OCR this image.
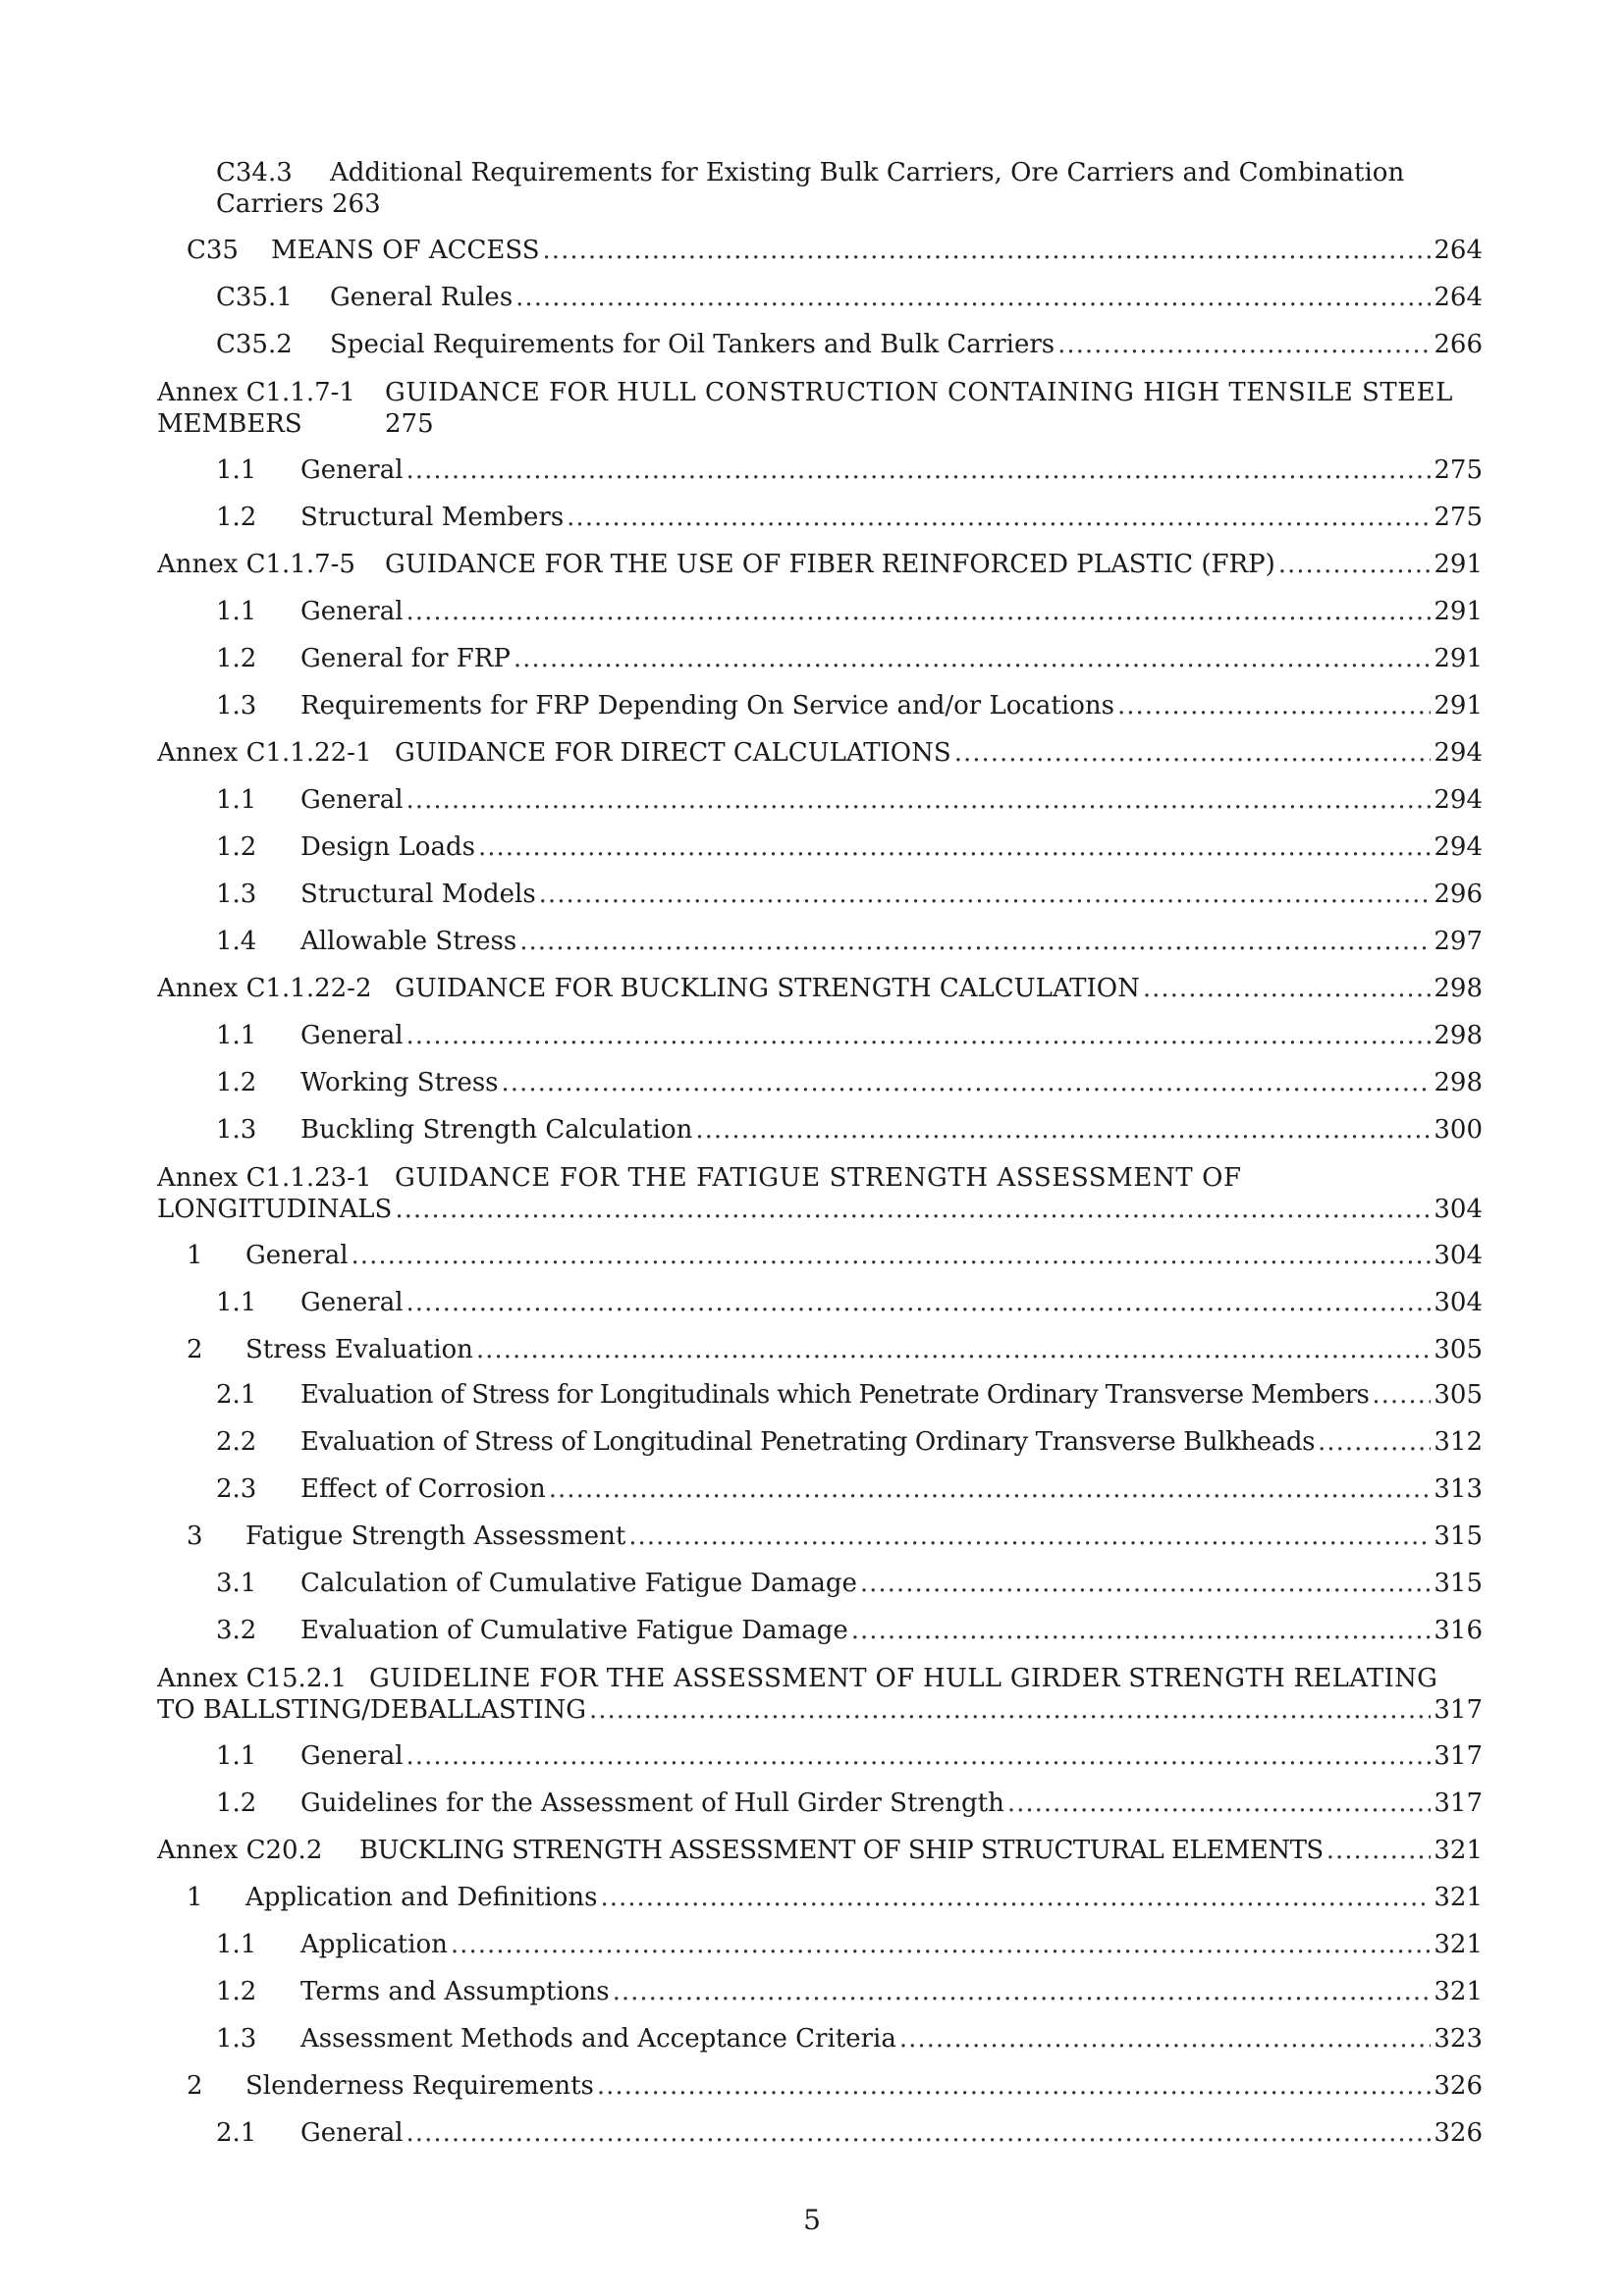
C34.3	Additional Requirements for Existing Bulk Carriers, Ore Carriers and Combination
Carriers 263
C35	MEANS OF ACCESS .....	264
C35.1	General Rules .....	264
C35.2	Special Requirements for Oil Tankers and Bulk Carriers .....	266
Annex C1.1.7-1	GUIDANCE FOR HULL CONSTRUCTION CONTAINING HIGH TENSILE STEEL
MEMBERS	275
1.1	General .....	275
1.2	Structural Members .....	275
Annex C1.1.7-5	GUIDANCE FOR THE USE OF FIBER REINFORCED PLASTIC (FRP) .....	291
1.1	General .....	291
1.2	General for FRP .....	291
1.3	Requirements for FRP Depending On Service and/or Locations .....	291
Annex C1.1.22-1 GUIDANCE FOR DIRECT CALCULATIONS .....	294
1.1	General .....	294
1.2	Design Loads .....	294
1.3	Structural Models .....	296
1.4	Allowable Stress .....	297
Annex C1.1.22-2 GUIDANCE FOR BUCKLING STRENGTH CALCULATION .....	298
1.1	General .....	298
1.2	Working Stress .....	298
1.3	Buckling Strength Calculation .....	300
Annex C1.1.23-1 GUIDANCE FOR THE FATIGUE STRENGTH ASSESSMENT OF
LONGITUDINALS .....	304
1	General .....	304
1.1	General .....	304
2	Stress Evaluation .....	305
2.1	Evaluation of Stress for Longitudinals which Penetrate Ordinary Transverse Members .....	305
2.2	Evaluation of Stress of Longitudinal Penetrating Ordinary Transverse Bulkheads .....	312
2.3	Effect of Corrosion .....	313
3	Fatigue Strength Assessment .....	315
3.1	Calculation of Cumulative Fatigue Damage .....	315
3.2	Evaluation of Cumulative Fatigue Damage .....	316
Annex C15.2.1 GUIDELINE FOR THE ASSESSMENT OF HULL GIRDER STRENGTH RELATING
TO BALLSTING/DEBALLASTING .....	317
1.1	General .....	317
1.2	Guidelines for the Assessment of Hull Girder Strength .....	317
Annex C20.2	BUCKLING STRENGTH ASSESSMENT OF SHIP STRUCTURAL ELEMENTS .....	321
1	Application and Definitions .....	321
1.1	Application .....	321
1.2	Terms and Assumptions .....	321
1.3	Assessment Methods and Acceptance Criteria .....	323
2	Slenderness Requirements .....	326
2.1	General .....	326
5
